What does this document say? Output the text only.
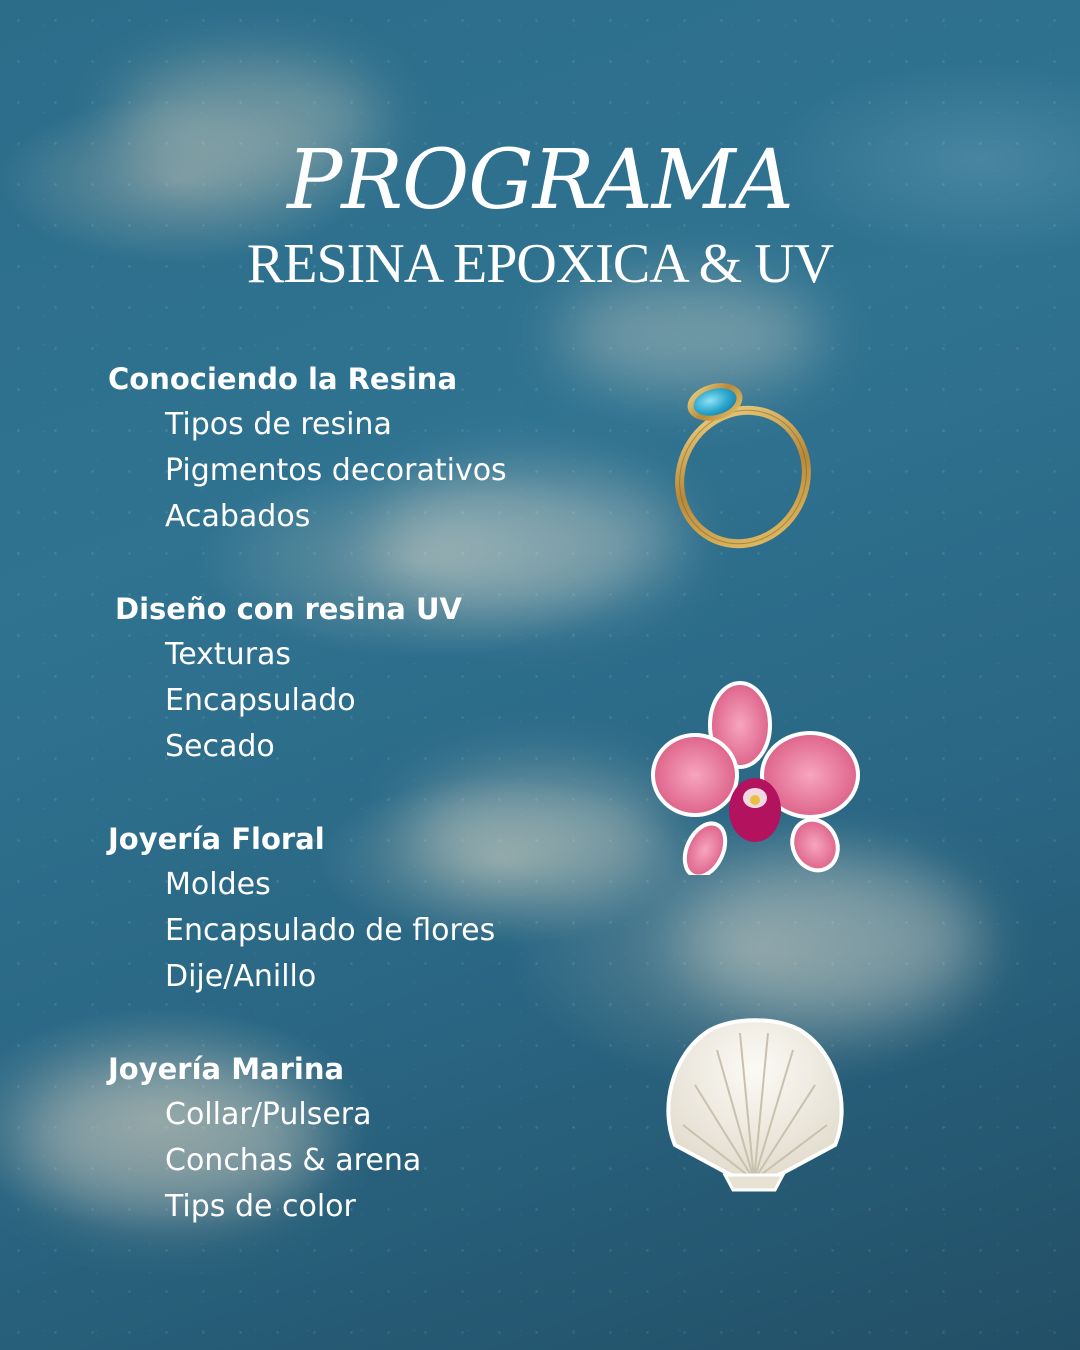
PROGRAMA
RESINA EPOXICA & UV
Conociendo la Resina
Tipos de resina
Pigmentos decorativos
Acabados
Diseño con resina UV
Texturas
Encapsulado
Secado
Joyería Floral
Moldes
Encapsulado de flores
Dije/Anillo
Joyería Marina
Collar/Pulsera
Conchas & arena
Tips de color
